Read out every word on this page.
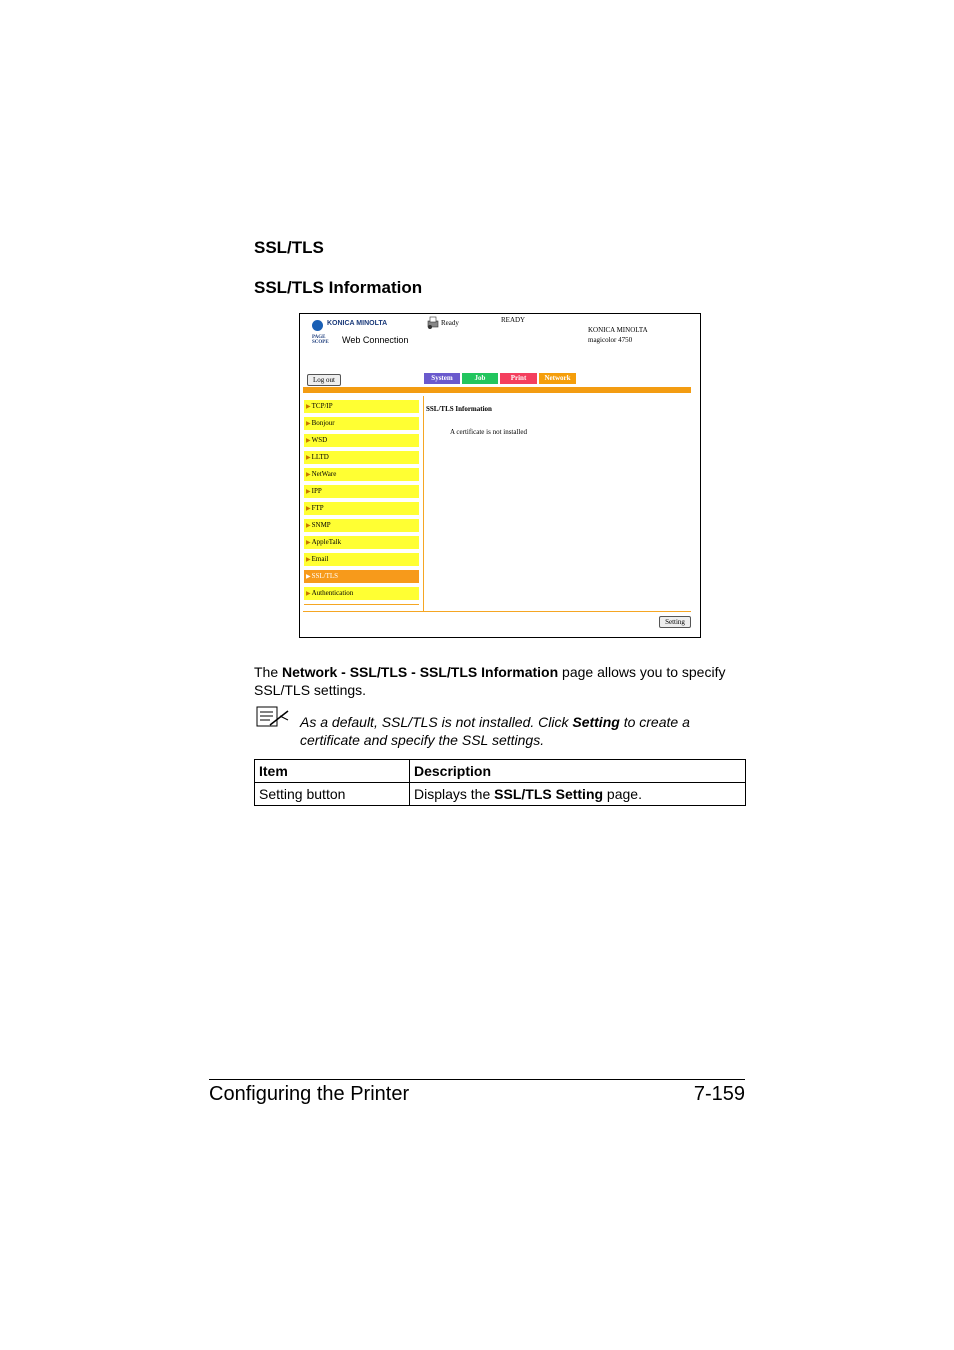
SSL/TLS
SSL/TLS Information
KONICA MINOLTA
PAGE
SCOPE Web Connection
Ready	READY
KONICA MINOLTA
magicolor 4750
Log out	System	Job	Print	Network
▶TCP/IP
▶Bonjour
▶WSD
▶LLTD
▶NetWare
▶IPP
▶FTP
▶SNMP
▶AppleTalk
▶Email
▶SSL/TLS
▶Authentication
SSL/TLS Information
A certificate is not installed
Setting
The Network - SSL/TLS - SSL/TLS Information page allows you to specify SSL/TLS settings.
As a default, SSL/TLS is not installed. Click Setting to create a certificate and specify the SSL settings.
Item	Description
Setting button	Displays the SSL/TLS Setting page.
Configuring the Printer	7-159
